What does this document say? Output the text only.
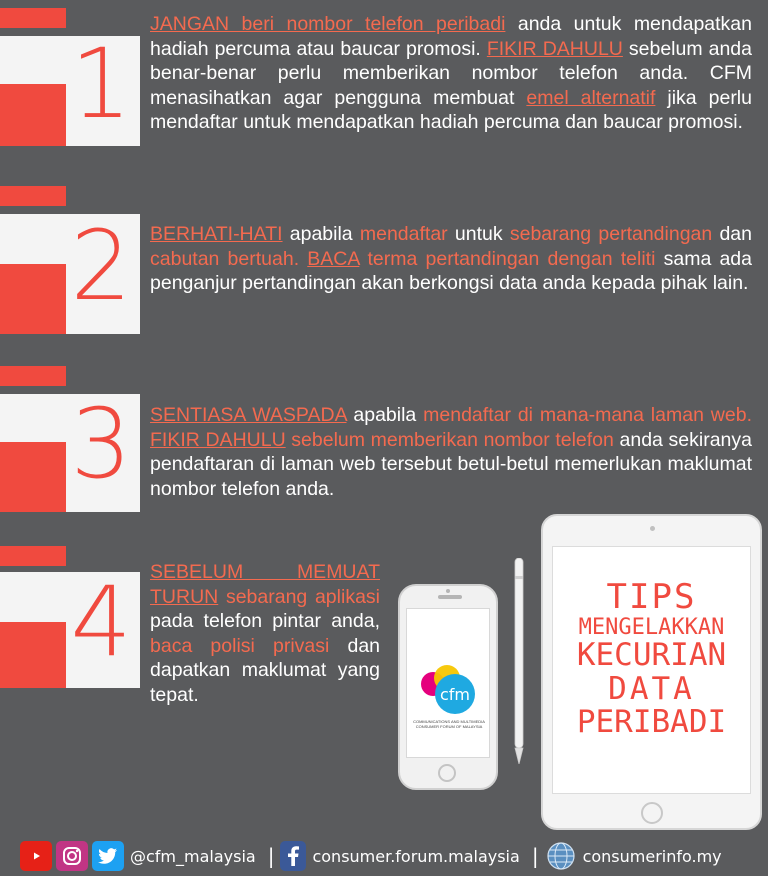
1
JANGAN beri nombor telefon peribadi anda untuk mendapatkan hadiah percuma atau baucar promosi. FIKIR DAHULU sebelum anda benar-benar perlu memberikan nombor telefon anda. CFM menasihatkan agar pengguna membuat emel alternatif jika perlu mendaftar untuk mendapatkan hadiah percuma dan baucar promosi.
2 BERHATI-HATI apabila mendaftar untuk sebarang pertandingan dan cabutan bertuah. BACA terma pertandingan dengan teliti sama ada penganjur pertandingan akan berkongsi data anda kepada pihak lain.
3 SENTIASA WASPADA apabila mendaftar di mana-mana laman web. FIKIR DAHULU sebelum memberikan nombor telefon anda sekiranya pendaftaran di laman web tersebut betul-betul memerlukan maklumat nombor telefon anda.
4 SEBELUM MEMUAT TURUN sebarang aplikasi pada telefon pintar anda, baca polisi privasi dan dapatkan maklumat yang tepat.	cfm
COMMUNICATIONS AND MULTIMEDIA CONSUMER FORUM OF MALAYSIA
TIPS
MENGELAKKAN
KECURIAN
DATA
PERIBADI
@cfm_malaysia | consumer.forum.malaysia |	consumerinfo.my
